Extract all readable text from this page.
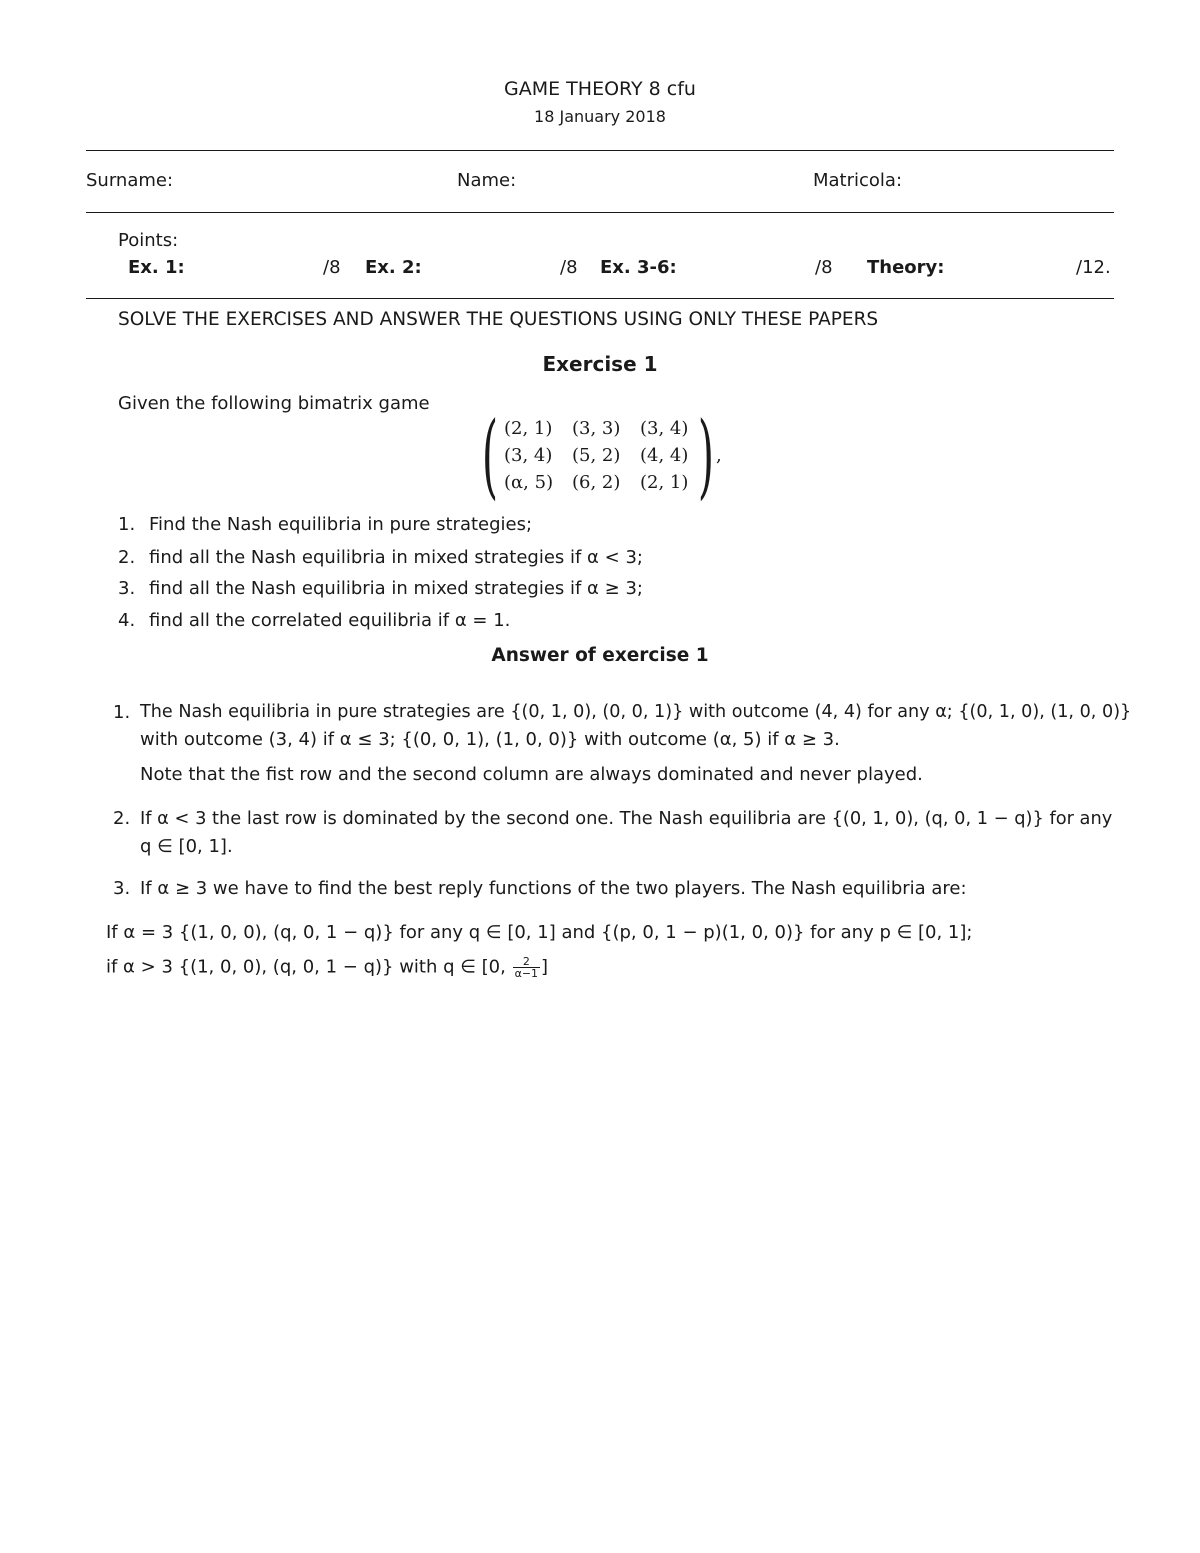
GAME THEORY 8 cfu
18 January 2018
Surname:	Name:	Matricola:
Points:
Ex. 1:	/8 Ex. 2:	/8 Ex. 3-6:	/8 Theory:	/12.
SOLVE THE EXERCISES AND ANSWER THE QUESTIONS USING ONLY THESE PAPERS
Exercise 1
Given the following bimatrix game ( (2, 1) (3, 3) (3, 4)
(3, 4) (5, 2) (4, 4)
(α, 5) (6, 2) (2, 1) ) ,
1. Find the Nash equilibria in pure strategies;
2. find all the Nash equilibria in mixed strategies if α < 3;
3. find all the Nash equilibria in mixed strategies if α ≥ 3;
4. find all the correlated equilibria if α = 1.
Answer of exercise 1
1. The Nash equilibria in pure strategies are {(0, 1, 0), (0, 0, 1)} with outcome (4, 4) for any α; {(0, 1, 0), (1, 0, 0)}
with outcome (3, 4) if α ≤ 3; {(0, 0, 1), (1, 0, 0)} with outcome (α, 5) if α ≥ 3.
Note that the fist row and the second column are always dominated and never played.
2. If α < 3 the last row is dominated by the second one. The Nash equilibria are {(0, 1, 0), (q, 0, 1 − q)} for any
q ∈ [0, 1].
3. If α ≥ 3 we have to find the best reply functions of the two players. The Nash equilibria are:
If α = 3 {(1, 0, 0), (q, 0, 1 − q)} for any q ∈ [0, 1] and {(p, 0, 1 − p)(1, 0, 0)} for any p ∈ [0, 1];
if α > 3 {(1, 0, 0), (q, 0, 1 − q)} with q ∈ [0, $\frac{2}{\alpha-1}$ ]
